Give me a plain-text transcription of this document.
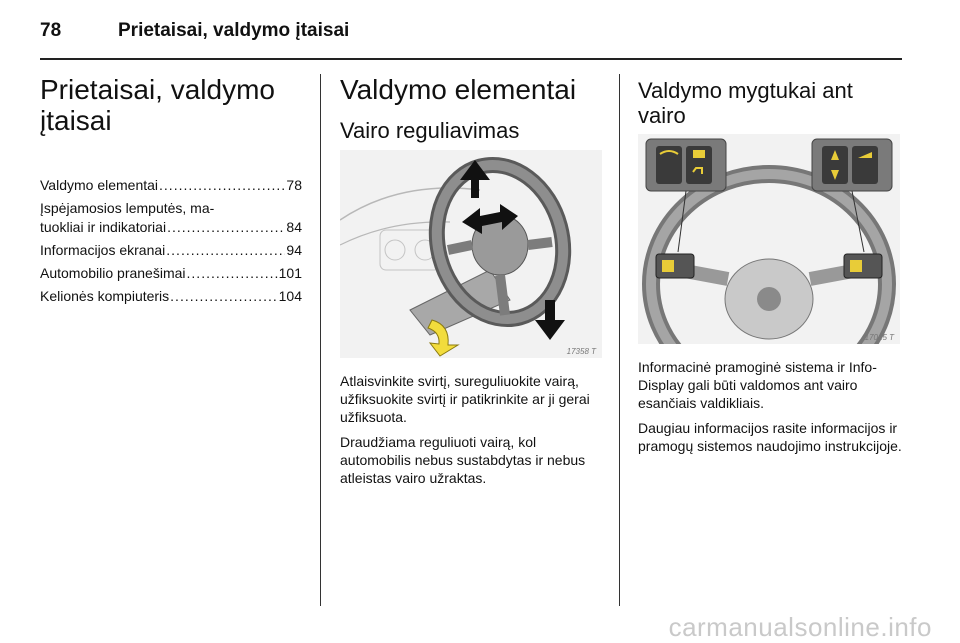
78	Prietaisai, valdymo įtaisai
Prietaisai, valdymo
įtaisai
Valdymo elementai .....	78
Įspėjamosios lemputės, ma-
tuokliai ir indikatoriai .....	84
Informacijos ekranai .....	94
Automobilio pranešimai .....	101
Kelionės kompiuteris .....	104
Valdymo elementai
Vairo reguliavimas
17358 T

Atlaisvinkite svirtį, sureguliuokite vairą, užfiksuokite svirtį ir patikrinkite ar ji gerai užfiksuota.

Draudžiama reguliuoti vairą, kol automobilis nebus sustabdytas ir nebus atleistas vairo užraktas.

Valdymo mygtukai ant
vairo
17015 T

Informacinė pramoginė sistema ir Info-Display gali būti valdomos ant vairo esančiais valdikliais.

Daugiau informacijos rasite informacijos ir pramogų sistemos naudojimo instrukcijoje.

carmanualsonline.info
